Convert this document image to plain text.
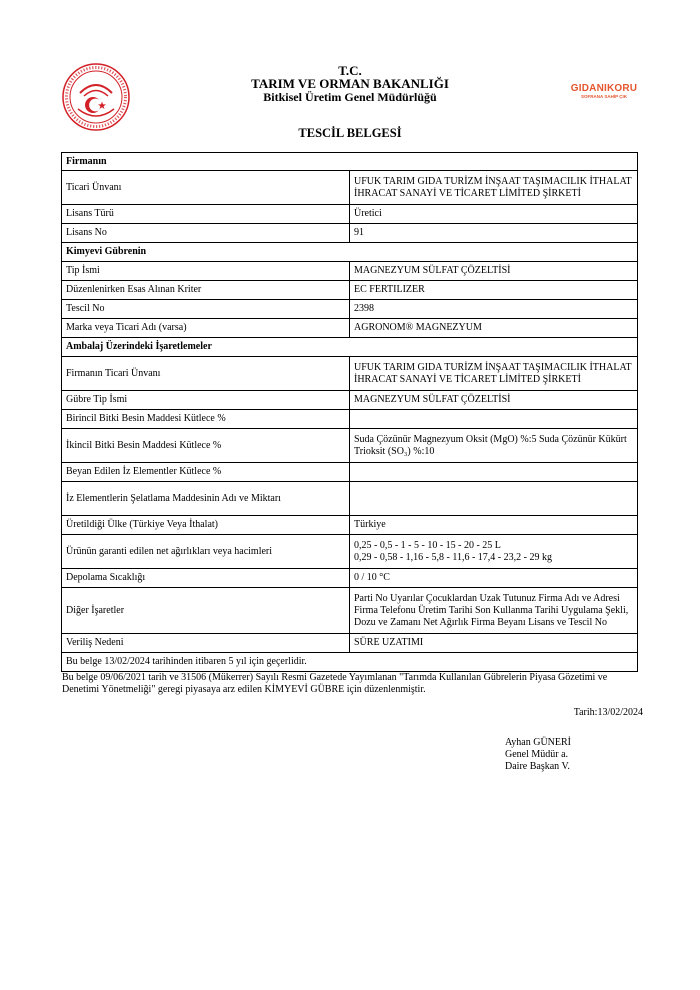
GIDANIKORU
SOFRANA SAHİP ÇIK
T.C.
TARIM VE ORMAN BAKANLIĞI
Bitkisel Üretim Genel Müdürlüğü
TESCİL BELGESİ
Firmanın	
Ticari Ünvanı	UFUK TARIM GIDA TURİZM İNŞAAT TAŞIMACILIK İTHALAT İHRACAT SANAYİ VE TİCARET LİMİTED ŞİRKETİ
Lisans Türü	Üretici
Lisans No	91
Kimyevi Gübrenin	
Tip İsmi	MAGNEZYUM SÜLFAT ÇÖZELTİSİ
Düzenlenirken Esas Alınan Kriter	EC FERTILIZER
Tescil No	2398
Marka veya Ticari Adı (varsa)	AGRONOM® MAGNEZYUM
Ambalaj Üzerindeki İşaretlemeler	
Firmanın Ticari Ünvanı	UFUK TARIM GIDA TURİZM İNŞAAT TAŞIMACILIK İTHALAT İHRACAT SANAYİ VE TİCARET LİMİTED ŞİRKETİ
Gübre Tip İsmi	MAGNEZYUM SÜLFAT ÇÖZELTİSİ
Birincil Bitki Besin Maddesi Kütlece %	
İkincil Bitki Besin Maddesi Kütlece %	Suda Çözünür Magnezyum Oksit (MgO) %:5 Suda Çözünür Kükürt Trioksit (SO₃) %:10
Beyan Edilen İz Elementler Kütlece %	
İz Elementlerin Şelatlama Maddesinin Adı ve Miktarı	
Üretildiği Ülke (Türkiye Veya İthalat)	Türkiye
Ürünün garanti edilen net ağırlıkları veya hacimleri	0,25 - 0,5 - 1 - 5 - 10 - 15 - 20 - 25 L
0,29 - 0,58 - 1,16 - 5,8 - 11,6 - 17,4 - 23,2 - 29 kg

Depolama Sıcaklığı	0 / 10 °C
Diğer İşaretler	Parti No Uyarılar Çocuklardan Uzak Tutunuz Firma Adı ve Adresi Firma Telefonu Üretim Tarihi Son Kullanma Tarihi Uygulama Şekli, Dozu ve Zamanı Net Ağırlık Firma Beyanı Lisans ve Tescil No
Veriliş Nedeni	SÜRE UZATIMI
Bu belge 13/02/2024 tarihinden itibaren 5 yıl için geçerlidir.	
Bu belge 09/06/2021 tarih ve 31506 (Mükerrer) Sayılı Resmi Gazetede Yayımlanan "Tarımda Kullanılan Gübrelerin Piyasa Gözetimi ve Denetimi Yönetmeliği" geregi piyasaya arz edilen KİMYEVİ GÜBRE için düzenlenmiştir.
Tarih:13/02/2024
Ayhan GÜNERİ
Genel Müdür a.
Daire Başkan V.
